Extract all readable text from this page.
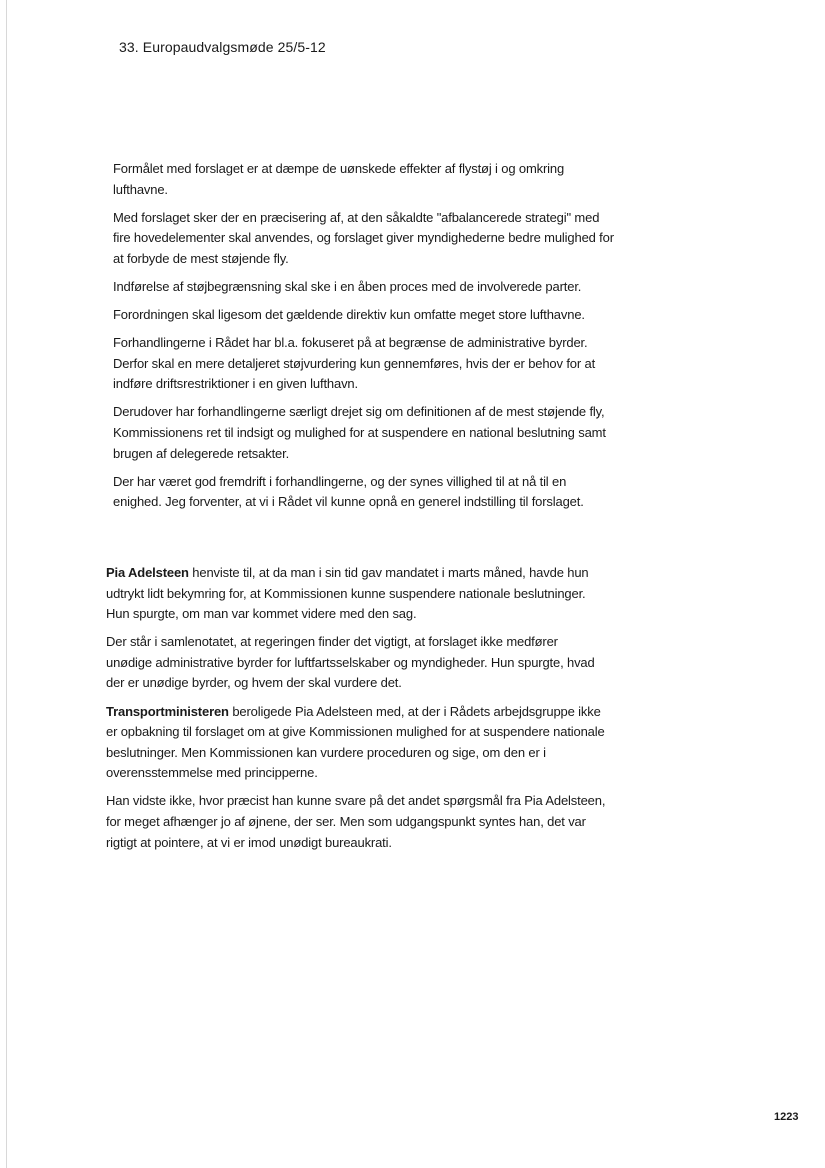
33. Europaudvalgsmøde 25/5-12

Formålet med forslaget er at dæmpe de uønskede effekter af flystøj i og omkring lufthavne.

Med forslaget sker der en præcisering af, at den såkaldte "afbalancerede strategi" med fire hovedelementer skal anvendes, og forslaget giver myndighederne bedre mulighed for at forbyde de mest støjende fly.

Indførelse af støjbegrænsning skal ske i en åben proces med de involverede parter.

Forordningen skal ligesom det gældende direktiv kun omfatte meget store lufthavne.

Forhandlingerne i Rådet har bl.a. fokuseret på at begrænse de administrative byrder. Derfor skal en mere detaljeret støjvurdering kun gennemføres, hvis der er behov for at indføre driftsrestriktioner i en given lufthavn.

Derudover har forhandlingerne særligt drejet sig om definitionen af de mest støjende fly, Kommissionens ret til indsigt og mulighed for at suspendere en national beslutning samt brugen af delegerede retsakter.

Der har været god fremdrift i forhandlingerne, og der synes villighed til at nå til en enighed. Jeg forventer, at vi i Rådet vil kunne opnå en generel indstilling til forslaget.

Pia Adelsteen henviste til, at da man i sin tid gav mandatet i marts måned, havde hun udtrykt lidt bekymring for, at Kommissionen kunne suspendere nationale beslutninger. Hun spurgte, om man var kommet videre med den sag.

Der står i samlenotatet, at regeringen finder det vigtigt, at forslaget ikke medfører unødige administrative byrder for luftfartsselskaber og myndigheder. Hun spurgte, hvad der er unødige byrder, og hvem der skal vurdere det.

Transportministeren beroligede Pia Adelsteen med, at der i Rådets arbejdsgruppe ikke er opbakning til forslaget om at give Kommissionen mulighed for at suspendere nationale beslutninger. Men Kommissionen kan vurdere proceduren og sige, om den er i overensstemmelse med principperne.

Han vidste ikke, hvor præcist han kunne svare på det andet spørgsmål fra Pia Adelsteen, for meget afhænger jo af øjnene, der ser. Men som udgangspunkt syntes han, det var rigtigt at pointere, at vi er imod unødigt bureaukrati.

1223
